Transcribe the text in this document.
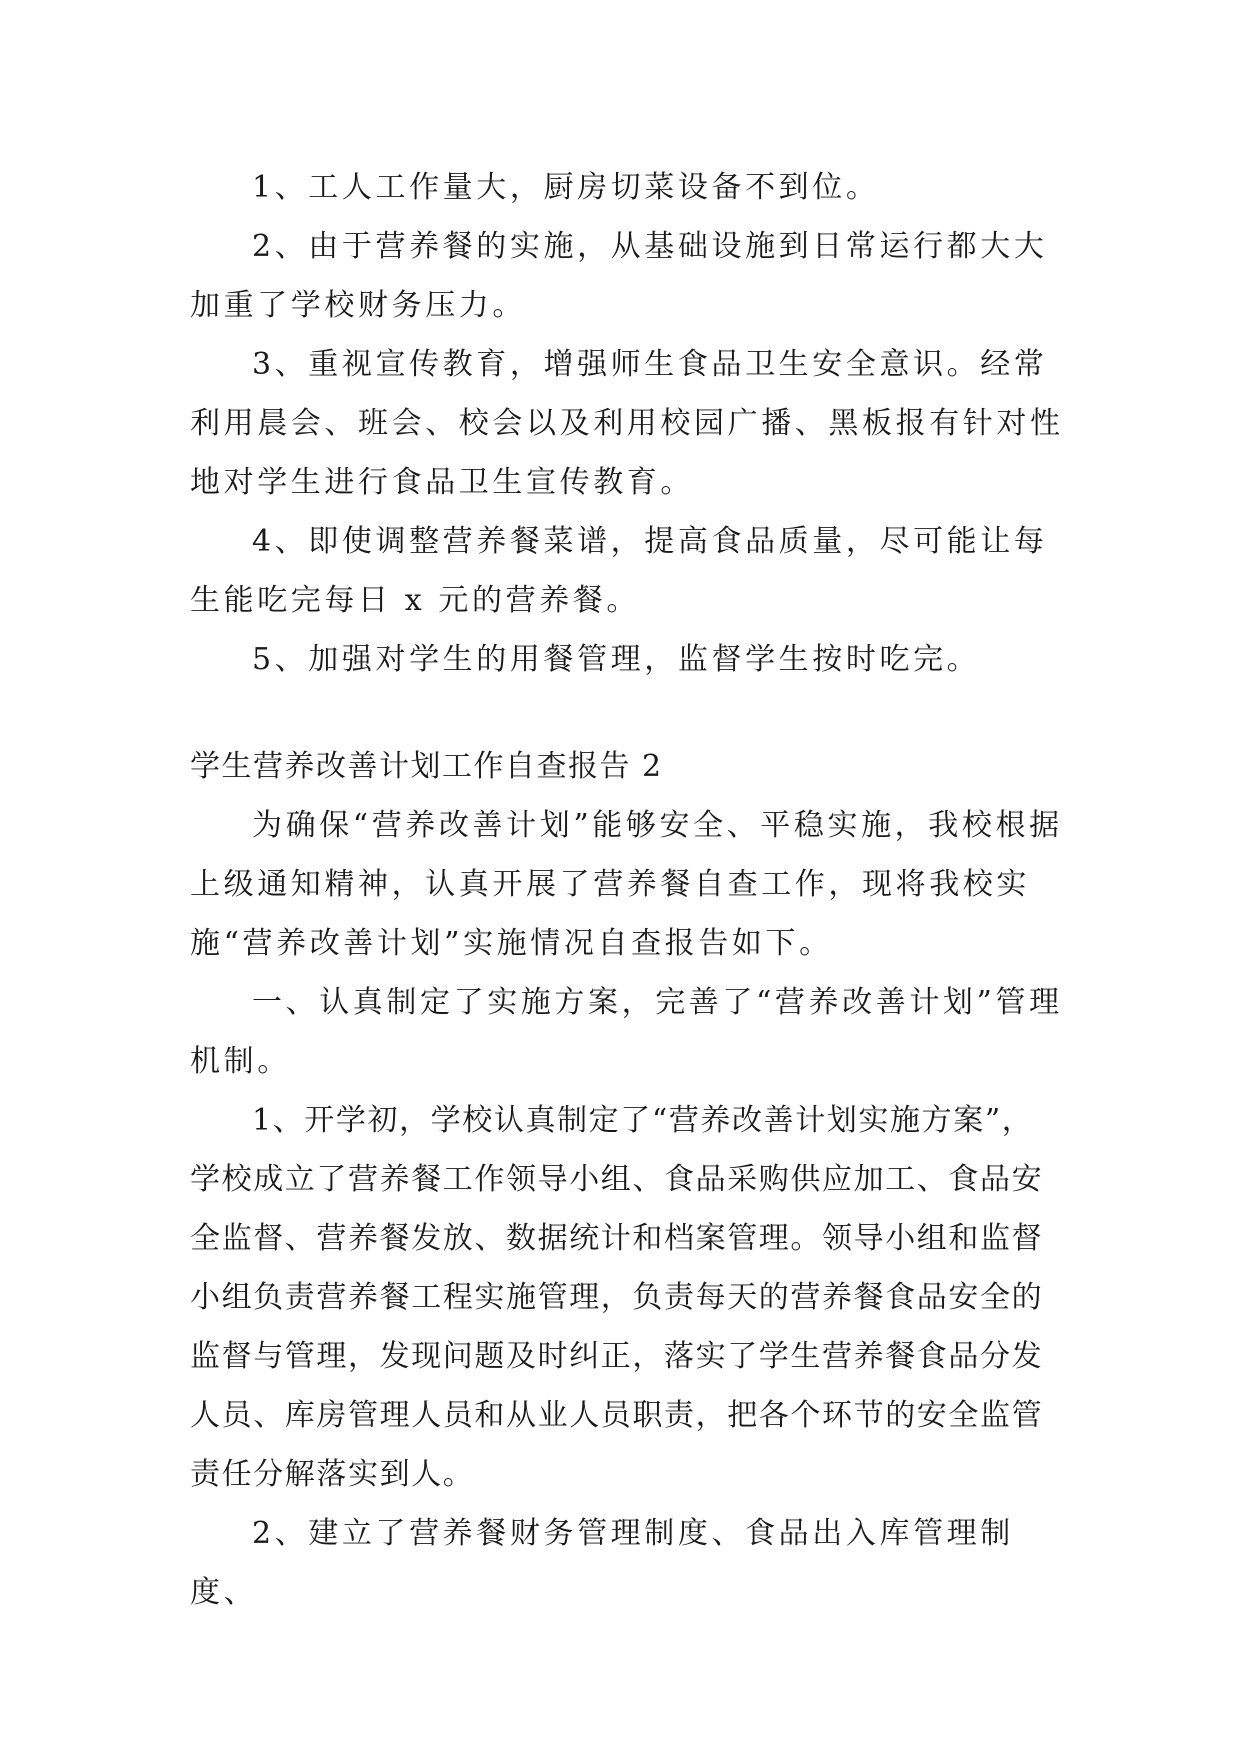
1、工人工作量大，厨房切菜设备不到位。

2、由于营养餐的实施，从基础设施到日常运行都大大加重了学校财务压力。

3、重视宣传教育，增强师生食品卫生安全意识。经常利用晨会、班会、校会以及利用校园广播、黑板报有针对性地对学生进行食品卫生宣传教育。

4、即使调整营养餐菜谱，提高食品质量，尽可能让每生能吃完每日 x 元的营养餐。

5、加强对学生的用餐管理，监督学生按时吃完。

学生营养改善计划工作自查报告 2

为确保“营养改善计划”能够安全、平稳实施，我校根据上级通知精神，认真开展了营养餐自查工作，现将我校实施“营养改善计划”实施情况自查报告如下。

一、认真制定了实施方案，完善了“营养改善计划”管理机制。

1、开学初，学校认真制定了“营养改善计划实施方案”， 学校成立了营养餐工作领导小组、食品采购供应加工、食品安全监督、营养餐发放、数据统计和档案管理。领导小组和监督小组负责营养餐工程实施管理，负责每天的营养餐食品安全的监督与管理，发现问题及时纠正，落实了学生营养餐食品分发人员、库房管理人员和从业人员职责，把各个环节的安全监管责任分解落实到人。

2、建立了营养餐财务管理制度、食品出入库管理制度、
